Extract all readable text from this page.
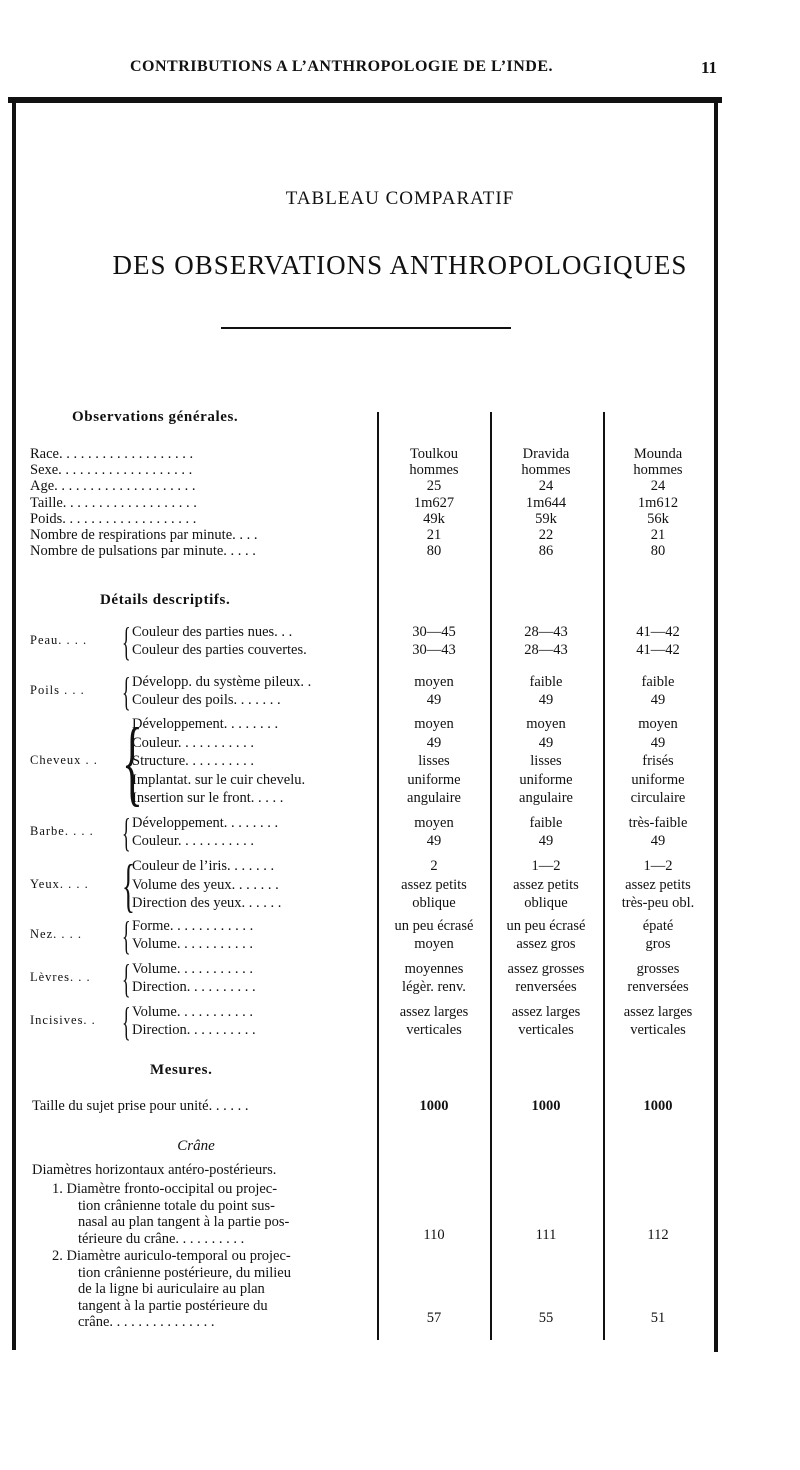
CONTRIBUTIONS A L’ANTHROPOLOGIE DE L’INDE.	11
TABLEAU COMPARATIF
DES OBSERVATIONS ANTHROPOLOGIQUES
Observations générales.
Race. . . . . . . . . . . . . . . . . . .	Toulkou	Dravida	Mounda
Sexe. . . . . . . . . . . . . . . . . . .	hommes	hommes	hommes
Age. . . . . . . . . . . . . . . . . . . .	25	24	24
Taille. . . . . . . . . . . . . . . . . . .	1m627	1m644	1m612
Poids. . . . . . . . . . . . . . . . . . .	49k	59k	56k
Nombre de respirations par minute. . . .	21	22	21
Nombre de pulsations par minute. . . . .	80	86	80
Détails descriptifs.
Peau. . . . { Couleur des parties nues. . .	30—45	28—43	41—42
Couleur des parties couvertes.	30—43	28—43	41—42
Poils . . . { Développ. du système pileux. .	moyen	faible	faible
Couleur des poils. . . . . . .	49	49	49
Cheveux . . {
Développement. . . . . . . .	moyen	moyen	moyen
Couleur. . . . . . . . . . .	49	49	49
Structure. . . . . . . . . .	lisses	lisses	frisés
Implantat. sur le cuir chevelu.	uniforme	uniforme	uniforme
Insertion sur le front. . . . .	angulaire	angulaire	circulaire
Barbe. . . . { Développement. . . . . . . .	moyen	faible	très-faible
Couleur. . . . . . . . . . .	49	49	49
Yeux. . . . {
Couleur de l’iris. . . . . . .	2	1—2	1—2
Volume des yeux. . . . . . .	assez petits	assez petits	assez petits
Direction des yeux. . . . . .	oblique	oblique	très-peu obl.
Nez. . . . { Forme. . . . . . . . . . . .	un peu écrasé	un peu écrasé	épaté
Volume. . . . . . . . . . .	moyen	assez gros	gros
Lèvres. . . { Volume. . . . . . . . . . .	moyennes	assez grosses	grosses
Direction. . . . . . . . . .	légèr. renv.	renversées	renversées
Incisives. . { Volume. . . . . . . . . . .	assez larges	assez larges	assez larges
Direction. . . . . . . . . .	verticales	verticales	verticales
Mesures.
Taille du sujet prise pour unité. . . . . .	1000	1000	1000
Crâne
Diamètres horizontaux antéro-postérieurs.
1. Diamètre fronto-occipital ou projec-
tion crânienne totale du point sus-
nasal au plan tangent à la partie pos-
térieure du crâne. . . . . . . . . .	110	111	112
2. Diamètre auriculo-temporal ou projec-
tion crânienne postérieure, du milieu
de la ligne bi auriculaire au plan
tangent à la partie postérieure du
crâne. . . . . . . . . . . . . . .	57	55	51
